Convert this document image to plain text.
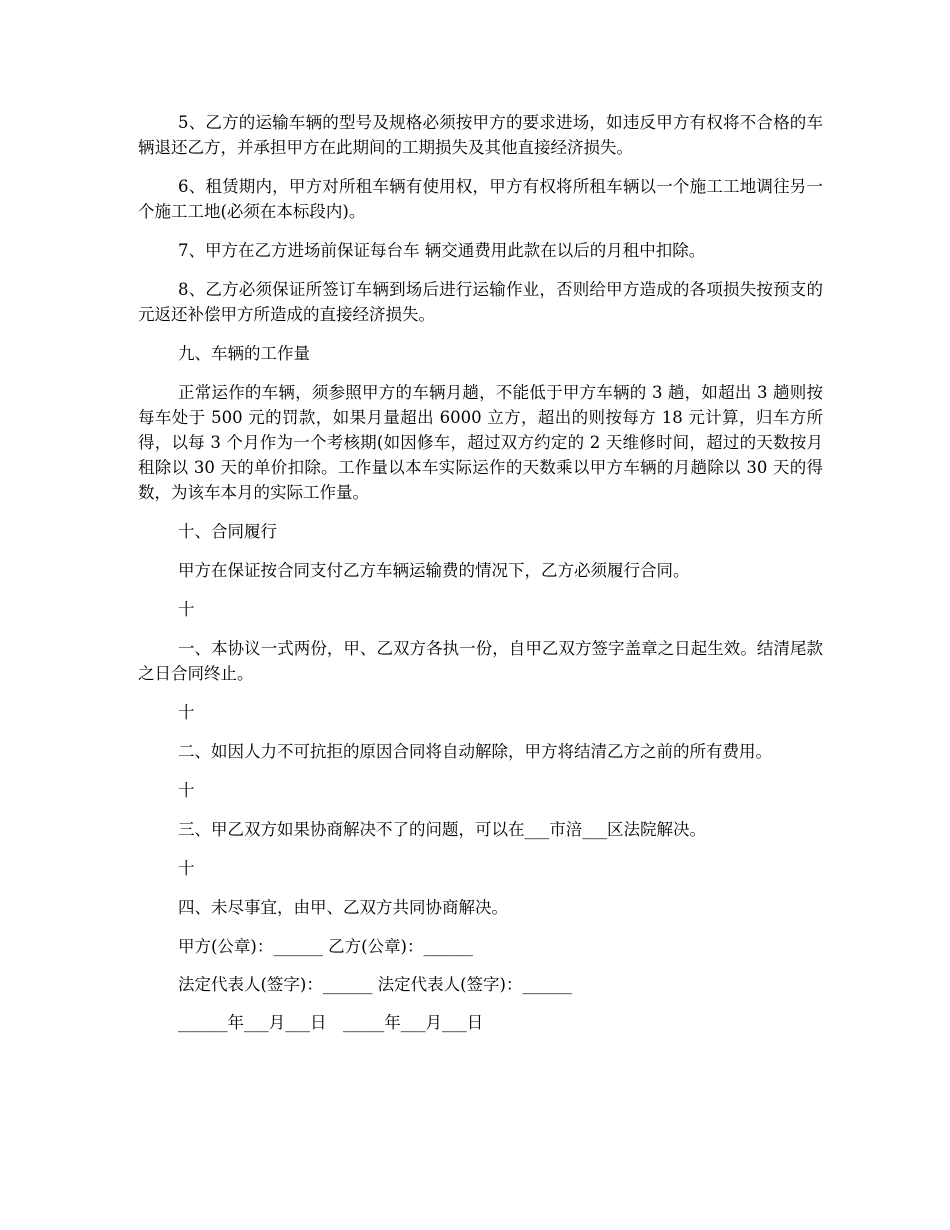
5、乙方的运输车辆的型号及规格必须按甲方的要求进场，如违反甲方有权将不合格的车辆退还乙方，并承担甲方在此期间的工期损失及其他直接经济损失。

6、租赁期内，甲方对所租车辆有使用权，甲方有权将所租车辆以一个施工工地调往另一个施工工地(必须在本标段内)。

7、甲方在乙方进场前保证每台车 辆交通费用此款在以后的月租中扣除。

8、乙方必须保证所签订车辆到场后进行运输作业，否则给甲方造成的各项损失按预支的 元返还补偿甲方所造成的直接经济损失。

九、车辆的工作量

正常运作的车辆，须参照甲方的车辆月趟，不能低于甲方车辆的 3 趟，如超出 3 趟则按每车处于 500 元的罚款，如果月量超出 6000 立方，超出的则按每方 18 元计算，归车方所得，以每 3 个月作为一个考核期(如因修车，超过双方约定的 2 天维修时间，超过的天数按月租除以 30 天的单价扣除。工作量以本车实际运作的天数乘以甲方车辆的月趟除以 30 天的得数，为该车本月的实际工作量。

十、合同履行

甲方在保证按合同支付乙方车辆运输费的情况下，乙方必须履行合同。

十

一、本协议一式两份，甲、乙双方各执一份，自甲乙双方签字盖章之日起生效。结清尾款之日合同终止。

十

二、如因人力不可抗拒的原因合同将自动解除，甲方将结清乙方之前的所有费用。

十

三、甲乙双方如果协商解决不了的问题，可以在___市涪___区法院解决。

十

四、未尽事宜，由甲、乙双方共同协商解决。

甲方(公章)：______ 乙方(公章)：______

法定代表人(签字)：______ 法定代表人(签字)：______

______年___月___日　_____年___月___日
